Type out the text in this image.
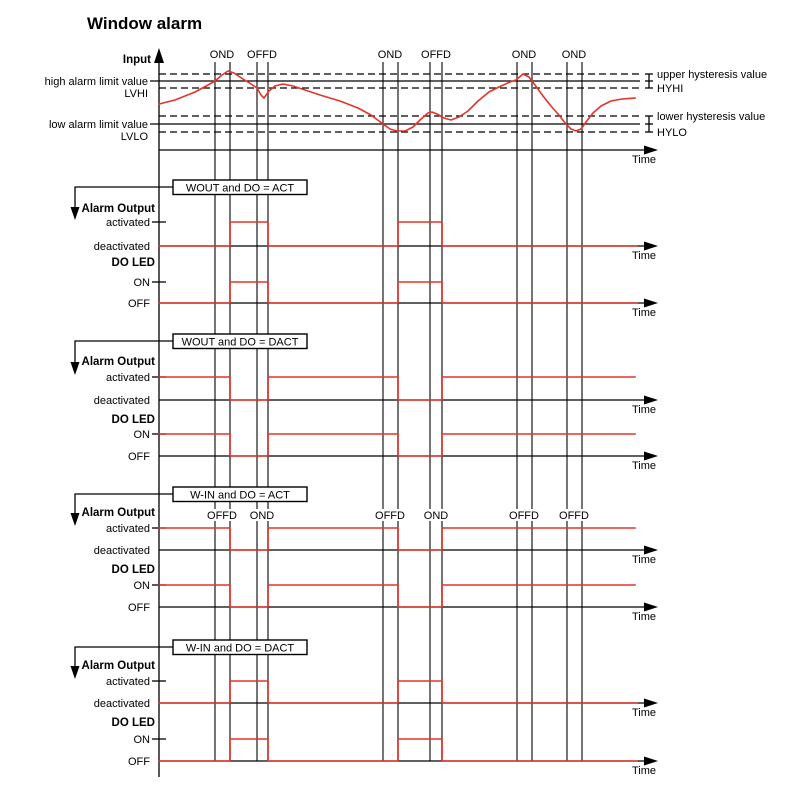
Window alarm
Input	OND OFFD	OND OFFD	OND OND
high alarm limit value
LVHI
low alarm limit value
LVLO
upper hysteresis value
HYHI
lower hysteresis value
HYLO
Time
WOUT and DO = ACT
Alarm Output
activated
deactivated
Time
DO LED
ON
OFF
Time
WOUT and DO = DACT
Alarm Output
activated
deactivated
Time
DO LED
ON
OFF
Time
W-IN and DO = ACT
Alarm Output	OFFD OND	OFFD OND	OFFD OFFD
activated
deactivated
Time
DO LED
ON
OFF
Time
W-IN and DO = DACT
Alarm Output
activated
deactivated
Time
DO LED
ON
OFF
Time
